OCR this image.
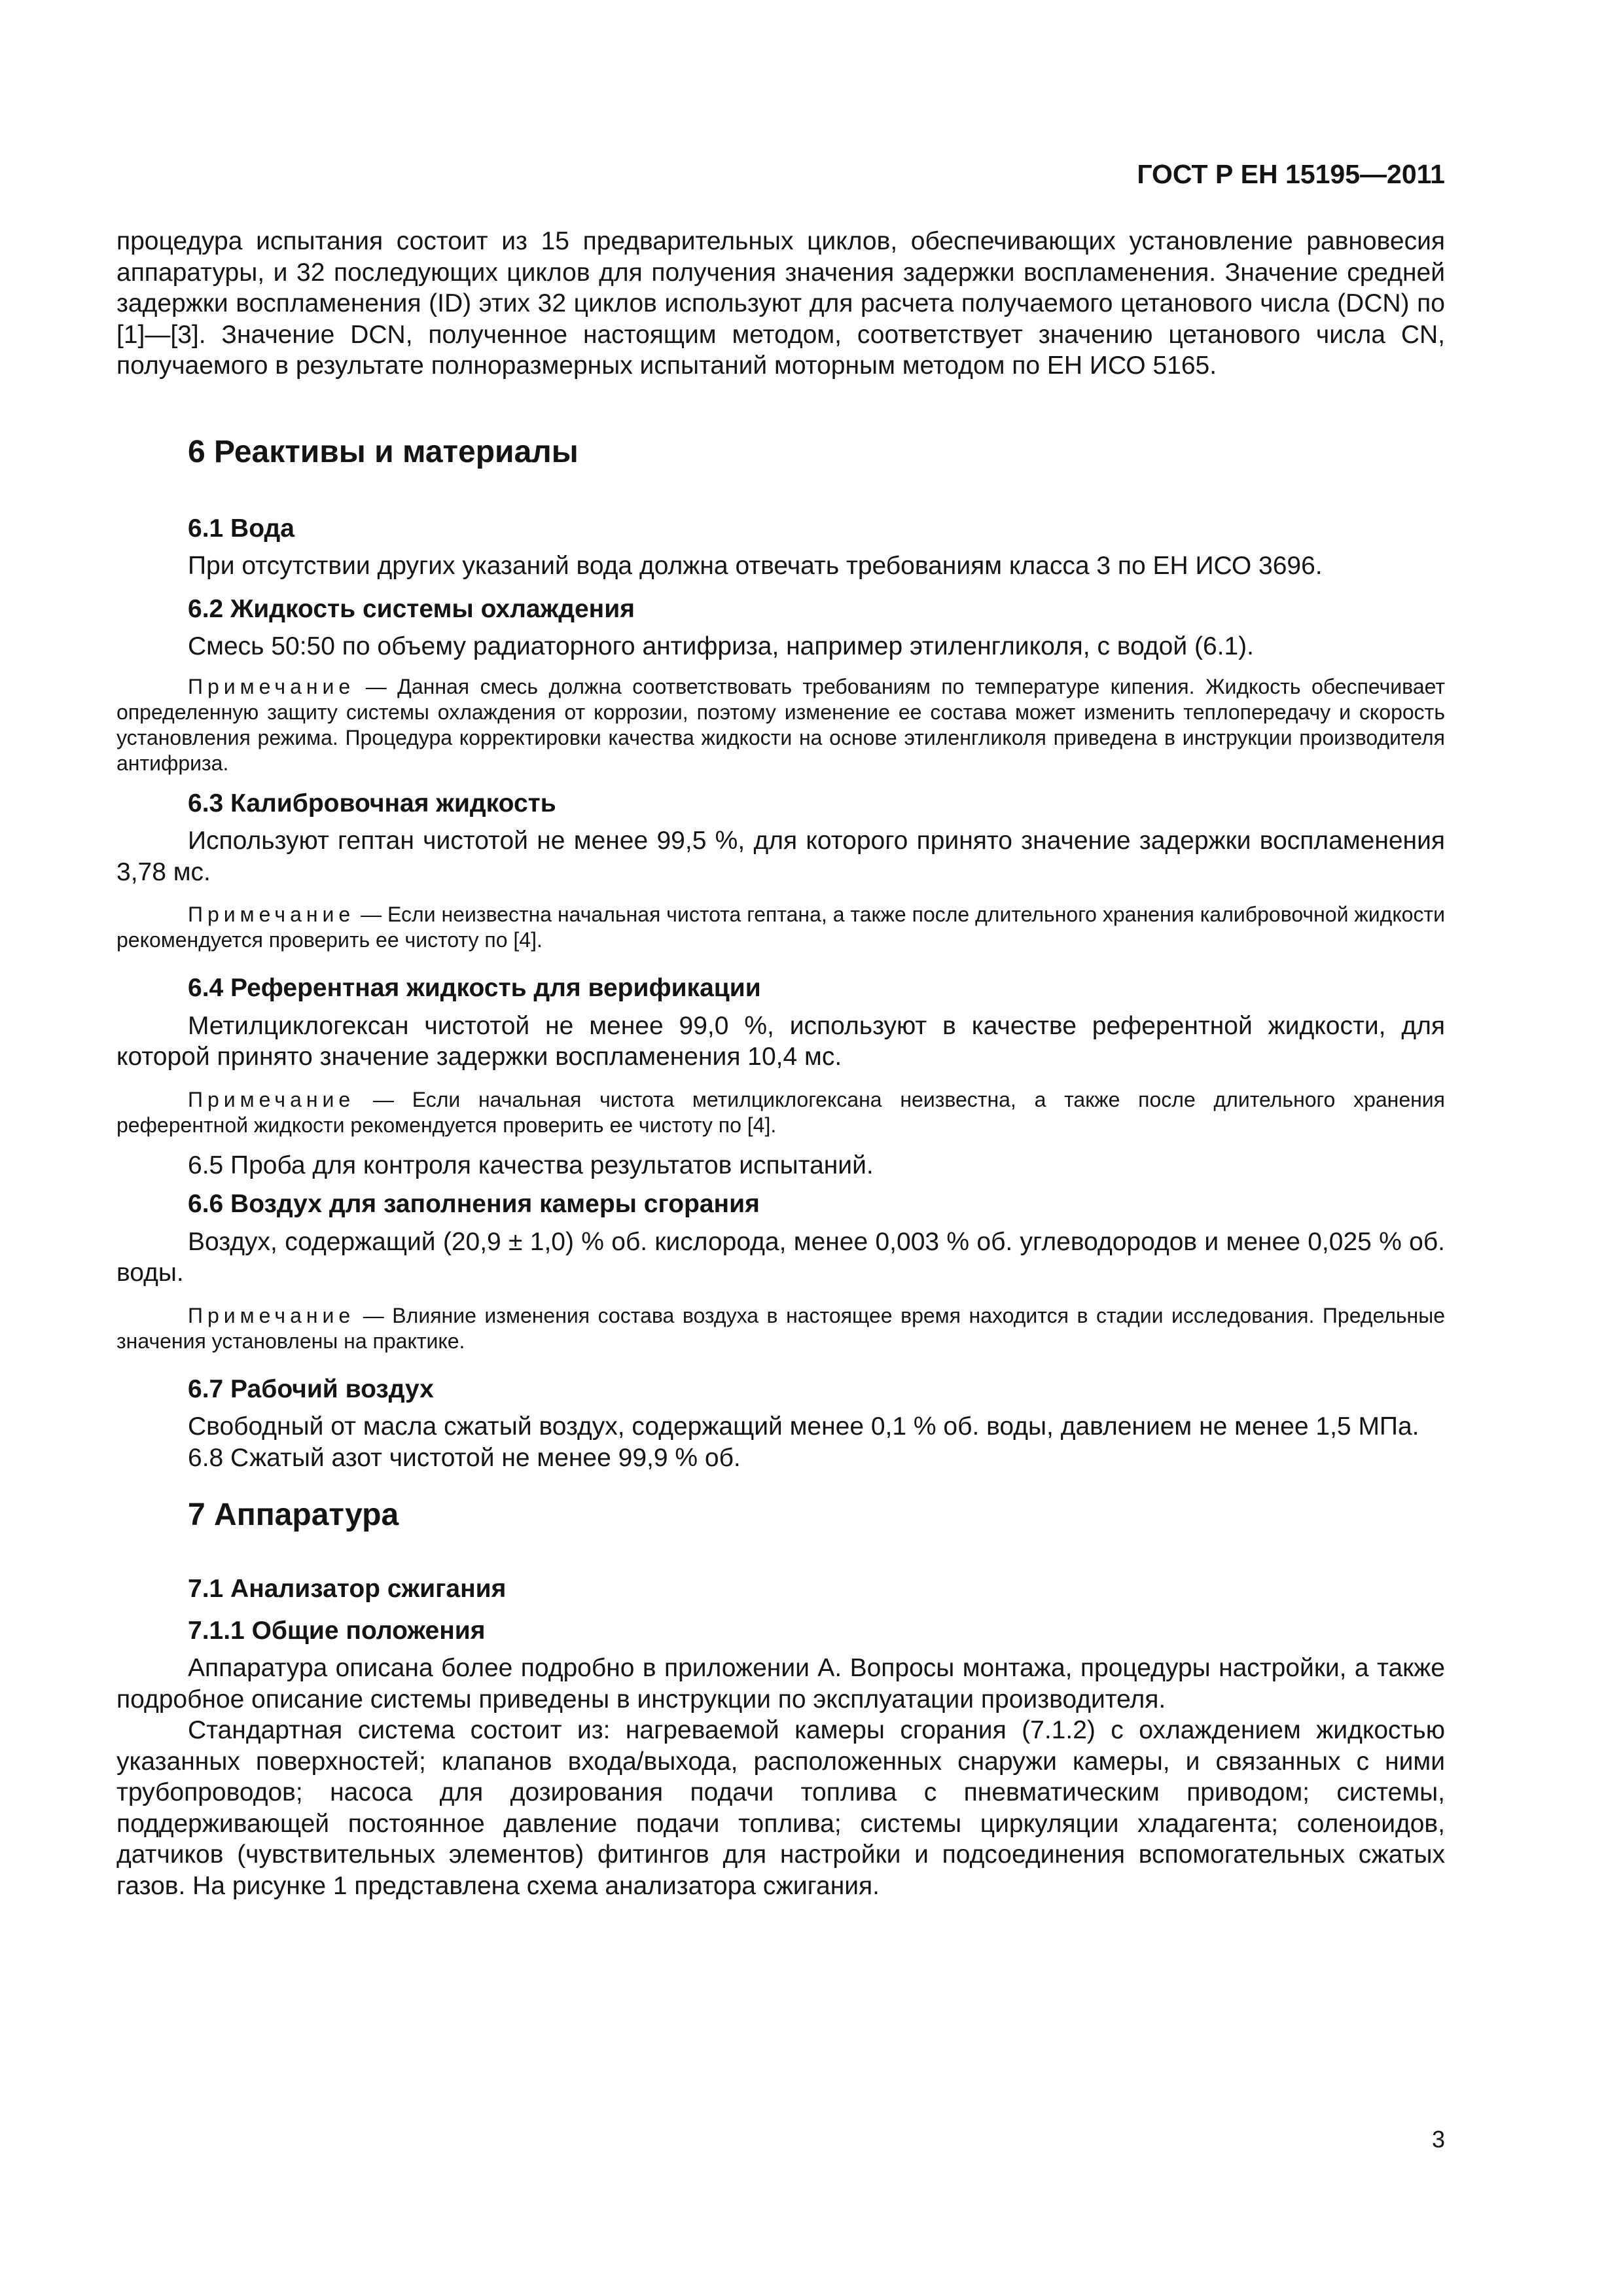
ГОСТ Р ЕН 15195—2011

процедура испытания состоит из 15 предварительных циклов, обеспечивающих установление равновесия аппаратуры, и 32 последующих циклов для получения значения задержки воспламенения. Значение средней задержки воспламенения (ID) этих 32 циклов используют для расчета получаемого цетанового числа (DCN) по [1]—[3]. Значение DCN, полученное настоящим методом, соответствует значению цетанового числа CN, получаемого в результате полноразмерных испытаний моторным методом по ЕН ИСО 5165.

6 Реактивы и материалы
6.1 Вода

При отсутствии других указаний вода должна отвечать требованиям класса 3 по ЕН ИСО 3696.

6.2 Жидкость системы охлаждения

Смесь 50:50 по объему радиаторного антифриза, например этиленгликоля, с водой (6.1).

Примечание — Данная смесь должна соответствовать требованиям по температуре кипения. Жидкость обеспечивает определенную защиту системы охлаждения от коррозии, поэтому изменение ее состава может изменить теплопередачу и скорость установления режима. Процедура корректировки качества жидкости на основе этиленгликоля приведена в инструкции производителя антифриза.
6.3 Калибровочная жидкость

Используют гептан чистотой не менее 99,5 %, для которого принято значение задержки воспламенения 3,78 мс.

Примечание — Если неизвестна начальная чистота гептана, а также после длительного хранения калибровочной жидкости рекомендуется проверить ее чистоту по [4].
6.4 Референтная жидкость для верификации

Метилциклогексан чистотой не менее 99,0 %, используют в качестве референтной жидкости, для которой принято значение задержки воспламенения 10,4 мс.

Примечание — Если начальная чистота метилциклогексана неизвестна, а также после длительного хранения референтной жидкости рекомендуется проверить ее чистоту по [4].

6.5 Проба для контроля качества результатов испытаний.

6.6 Воздух для заполнения камеры сгорания

Воздух, содержащий (20,9 ± 1,0) % об. кислорода, менее 0,003 % об. углеводородов и менее 0,025 % об. воды.

Примечание — Влияние изменения состава воздуха в настоящее время находится в стадии исследования. Предельные значения установлены на практике.
6.7 Рабочий воздух

Свободный от масла сжатый воздух, содержащий менее 0,1 % об. воды, давлением не менее 1,5 МПа.

6.8 Сжатый азот чистотой не менее 99,9 % об.

7 Аппаратура
7.1 Анализатор сжигания
7.1.1 Общие положения

Аппаратура описана более подробно в приложении А. Вопросы монтажа, процедуры настройки, а также подробное описание системы приведены в инструкции по эксплуатации производителя.

Стандартная система состоит из: нагреваемой камеры сгорания (7.1.2) с охлаждением жидкостью указанных поверхностей; клапанов входа/выхода, расположенных снаружи камеры, и связанных с ними трубопроводов; насоса для дозирования подачи топлива с пневматическим приводом; системы, поддерживающей постоянное давление подачи топлива; системы циркуляции хладагента; соленоидов, датчиков (чувствительных элементов) фитингов для настройки и подсоединения вспомогательных сжатых газов. На рисунке 1 представлена схема анализатора сжигания.

3
